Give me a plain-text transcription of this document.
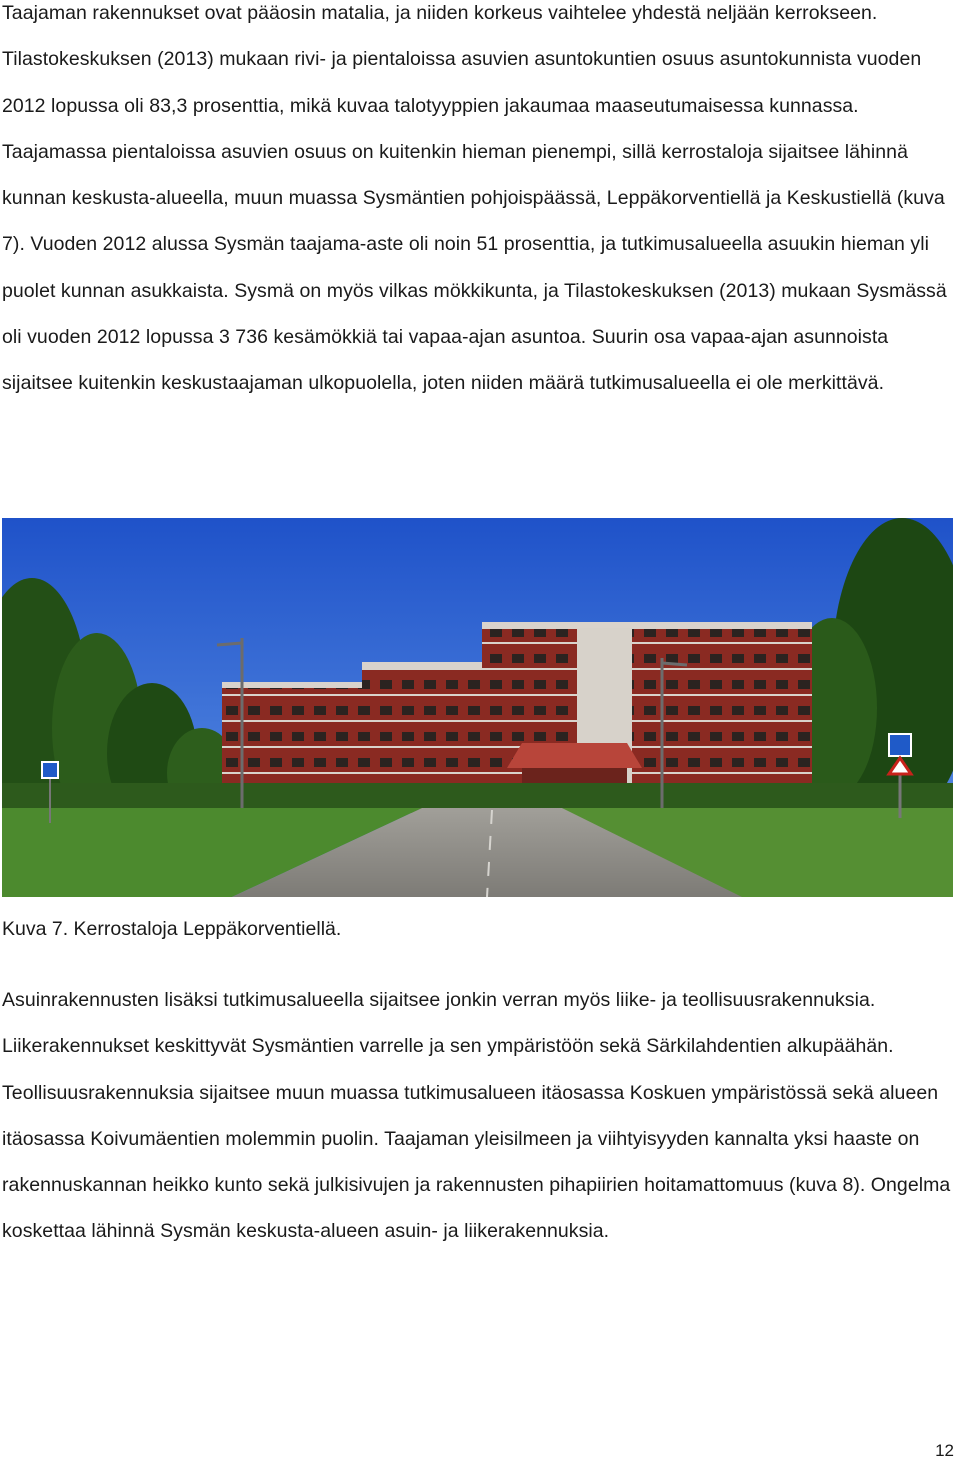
Taajaman rakennukset ovat pääosin matalia, ja niiden korkeus vaihtelee yhdestä neljään kerrokseen. Tilastokeskuksen (2013) mukaan rivi- ja pientaloissa asuvien asuntokuntien osuus asuntokunnista vuoden 2012 lopussa oli 83,3 prosenttia, mikä kuvaa talotyyppien jakaumaa maaseutumaisessa kunnassa. Taajamassa pientaloissa asuvien osuus on kuitenkin hieman pienempi, sillä kerrostaloja sijaitsee lähinnä kunnan keskusta-alueella, muun muassa Sysmäntien pohjoispäässä, Leppäkorventiellä ja Keskustiellä (kuva 7). Vuoden 2012 alussa Sysmän taajama-aste oli noin 51 prosenttia, ja tutkimusalueella asuukin hieman yli puolet kunnan asukkaista. Sysmä on myös vilkas mökkikunta, ja Tilastokeskuksen (2013) mukaan Sysmässä oli vuoden 2012 lopussa 3 736 kesämökkiä tai vapaa-ajan asuntoa. Suurin osa vapaa-ajan asunnoista sijaitsee kuitenkin keskustaajaman ulkopuolella, joten niiden määrä tutkimusalueella ei ole merkittävä.

Kuva 7. Kerrostaloja Leppäkorventiellä.

Asuinrakennusten lisäksi tutkimusalueella sijaitsee jonkin verran myös liike- ja teollisuusrakennuksia. Liikerakennukset keskittyvät Sysmäntien varrelle ja sen ympäristöön sekä Särkilahdentien alkupäähän. Teollisuusrakennuksia sijaitsee muun muassa tutkimusalueen itäosassa Koskuen ympäristössä sekä alueen itäosassa Koivumäentien molemmin puolin. Taajaman yleisilmeen ja viihtyisyyden kannalta yksi haaste on rakennuskannan heikko kunto sekä julkisivujen ja rakennusten pihapiirien hoitamattomuus (kuva 8). Ongelma koskettaa lähinnä Sysmän keskusta-alueen asuin- ja liikerakennuksia.

12
